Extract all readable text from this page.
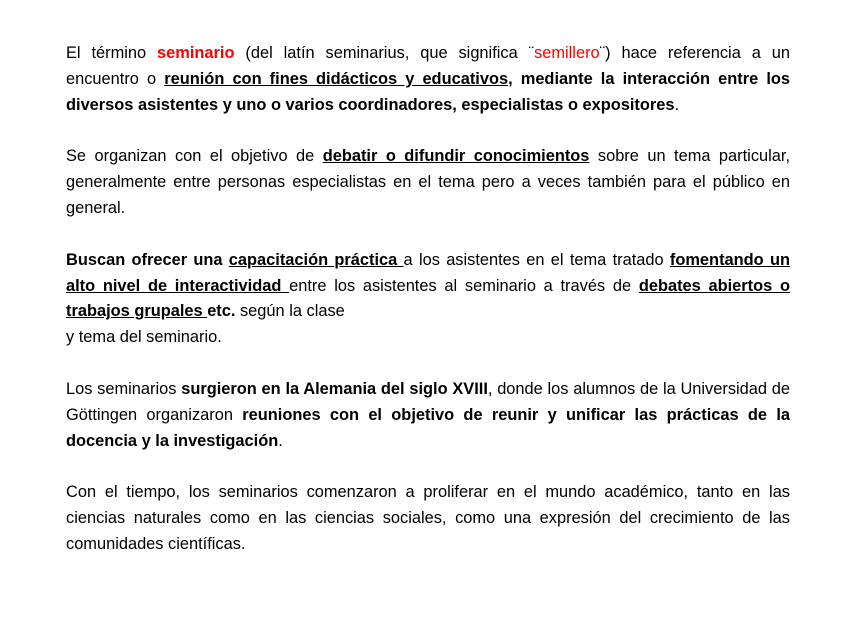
El término seminario (del latín seminarius, que significa ¨semillero¨) hace referencia a un encuentro o reunión con fines didácticos y educativos, mediante la interacción entre los diversos asistentes y uno o varios coordinadores, especialistas o expositores.

Se organizan con el objetivo de debatir o difundir conocimientos sobre un tema particular, generalmente entre personas especialistas en el tema pero a veces también para el público en general.

Buscan ofrecer una capacitación práctica a los asistentes en el tema tratado fomentando un alto nivel de interactividad entre los asistentes al seminario a través de debates abiertos o trabajos grupales etc. según la clase
y tema del seminario.

Los seminarios surgieron en la Alemania del siglo XVIII, donde los alumnos de la Universidad de Göttingen organizaron reuniones con el objetivo de reunir y unificar las prácticas de la docencia y la investigación.

Con el tiempo, los seminarios comenzaron a proliferar en el mundo académico, tanto en las ciencias naturales como en las ciencias sociales, como una expresión del crecimiento de las comunidades científicas.
